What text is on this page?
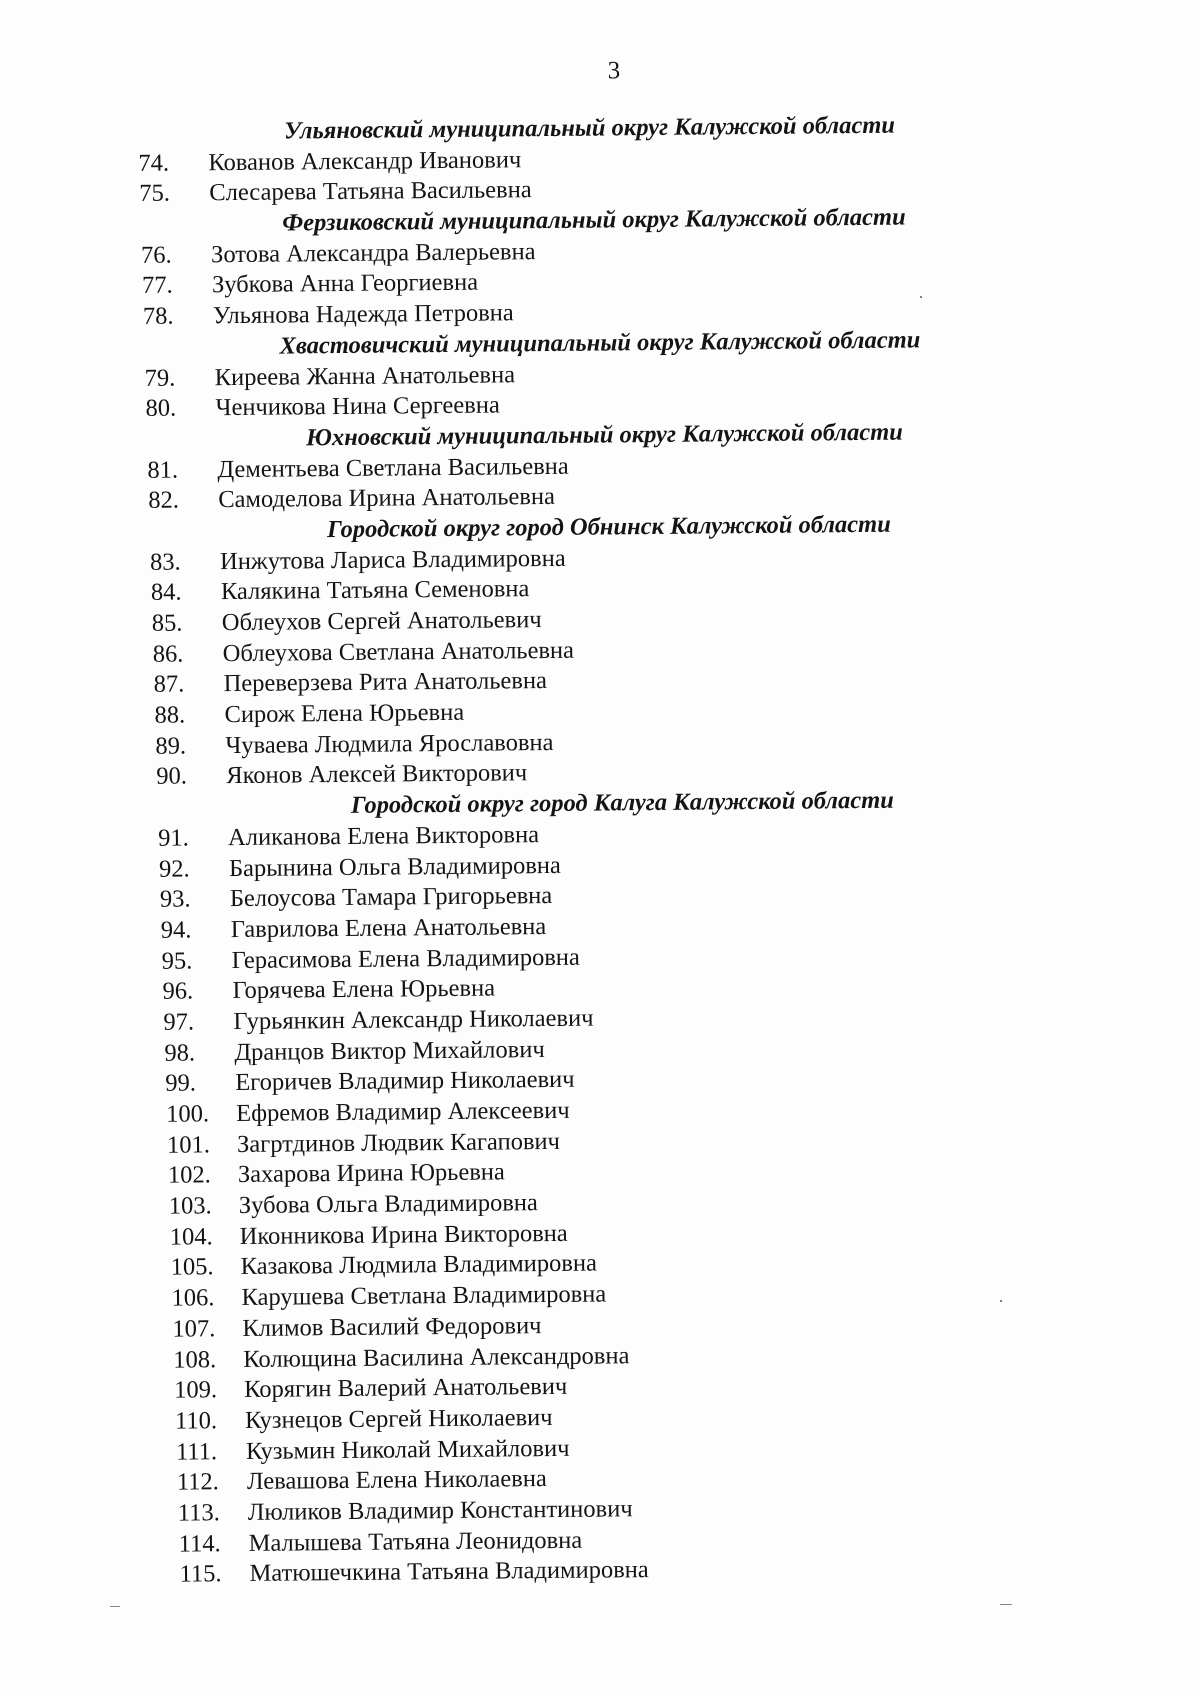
3
Ульяновский муниципальный округ Калужской области
74. Кованов Александр Иванович
75. Слесарева Татьяна Васильевна
Ферзиковский муниципальный округ Калужской области
76. Зотова Александра Валерьевна
77. Зубкова Анна Георгиевна
78. Ульянова Надежда Петровна
Хвастовичский муниципальный округ Калужской области
79. Киреева Жанна Анатольевна
80. Ченчикова Нина Сергеевна
Юхновский муниципальный округ Калужской области
81. Дементьева Светлана Васильевна
82. Самоделова Ирина Анатольевна
Городской округ город Обнинск Калужской области
83. Инжутова Лариса Владимировна
84. Калякина Татьяна Семеновна
85. Облеухов Сергей Анатольевич
86. Облеухова Светлана Анатольевна
87. Переверзева Рита Анатольевна
88. Сирож Елена Юрьевна
89. Чуваева Людмила Ярославовна
90. Яконов Алексей Викторович
Городской округ город Калуга Калужской области
91. Аликанова Елена Викторовна
92. Барынина Ольга Владимировна
93. Белоусова Тамара Григорьевна
94. Гаврилова Елена Анатольевна
95. Герасимова Елена Владимировна
96. Горячева Елена Юрьевна
97. Гурьянкин Александр Николаевич
98. Дранцов Виктор Михайлович
99. Егоричев Владимир Николаевич
100. Ефремов Владимир Алексеевич
101. Загртдинов Людвик Кагапович
102. Захарова Ирина Юрьевна
103. Зубова Ольга Владимировна
104. Иконникова Ирина Викторовна
105. Казакова Людмила Владимировна
106. Карушева Светлана Владимировна
107. Климов Василий Федорович
108. Колющина Василина Александровна
109. Корягин Валерий Анатольевич
110. Кузнецов Сергей Николаевич
111. Кузьмин Николай Михайлович
112. Левашова Елена Николаевна
113. Люликов Владимир Константинович
114. Малышева Татьяна Леонидовна
115. Матюшечкина Татьяна Владимировна
